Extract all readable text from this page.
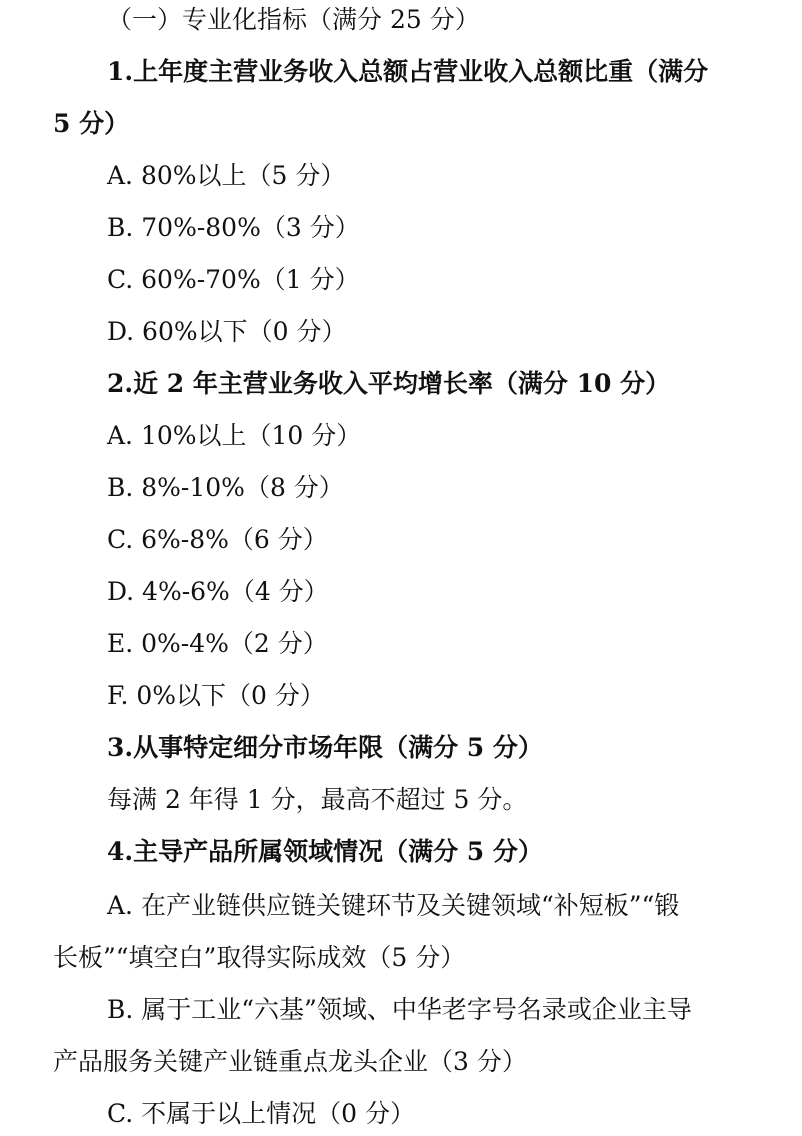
（一）专业化指标（满分 25 分）
1.上年度主营业务收入总额占营业收入总额比重（满分
5 分）
A. 80%以上（5 分）
B. 70%-80%（3 分）
C. 60%-70%（1 分）
D. 60%以下（0 分）
2.近 2 年主营业务收入平均增长率（满分 10 分）
A. 10%以上（10 分）
B. 8%-10%（8 分）
C. 6%-8%（6 分）
D. 4%-6%（4 分）
E. 0%-4%（2 分）
F. 0%以下（0 分）
3.从事特定细分市场年限（满分 5 分）
每满 2 年得 1 分，最高不超过 5 分。
4.主导产品所属领域情况（满分 5 分）
A. 在产业链供应链关键环节及关键领域“补短板”“锻
长板”“填空白”取得实际成效（5 分）
B. 属于工业“六基”领域、中华老字号名录或企业主导
产品服务关键产业链重点龙头企业（3 分）
C. 不属于以上情况（0 分）
